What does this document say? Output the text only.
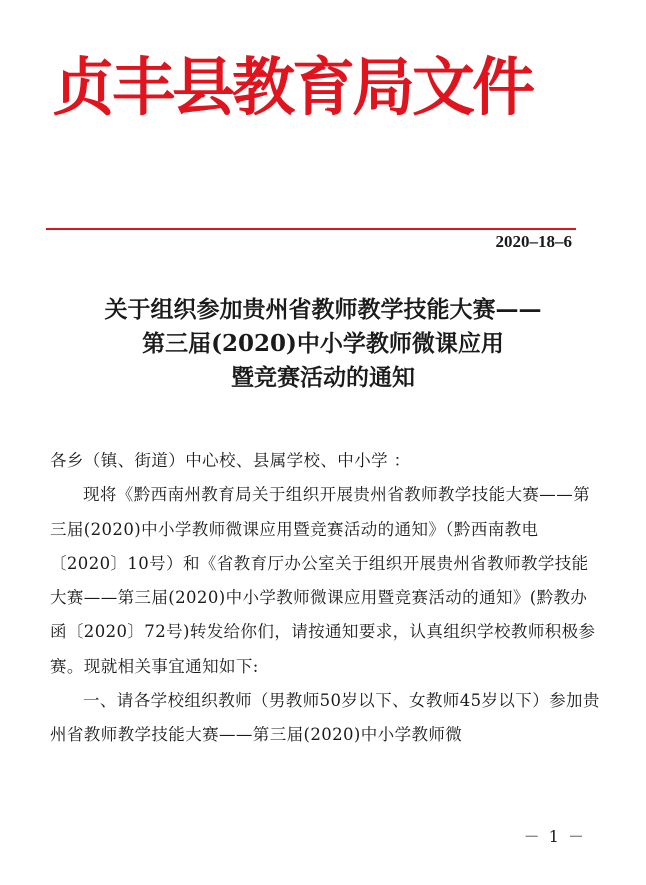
贞丰县教育局文件
2020–18–6
关于组织参加贵州省教师教学技能大赛——
第三届(2020)中小学教师微课应用
暨竞赛活动的通知

各乡（镇、街道）中心校、县属学校、中小学 ：

现将《黔西南州教育局关于组织开展贵州省教师教学技能大赛——第三届(2020)中小学教师微课应用暨竞赛活动的通知》（黔西南教电〔2020〕10号）和《省教育厅办公室关于组织开展贵州省教师教学技能大赛——第三届(2020)中小学教师微课应用暨竞赛活动的通知》(黔教办函〔2020〕72号)转发给你们，请按通知要求，认真组织学校教师积极参赛。现就相关事宜通知如下:

一、请各学校组织教师（男教师50岁以下、女教师45岁以下）参加贵州省教师教学技能大赛——第三届(2020)中小学教师微

－ 1 －
